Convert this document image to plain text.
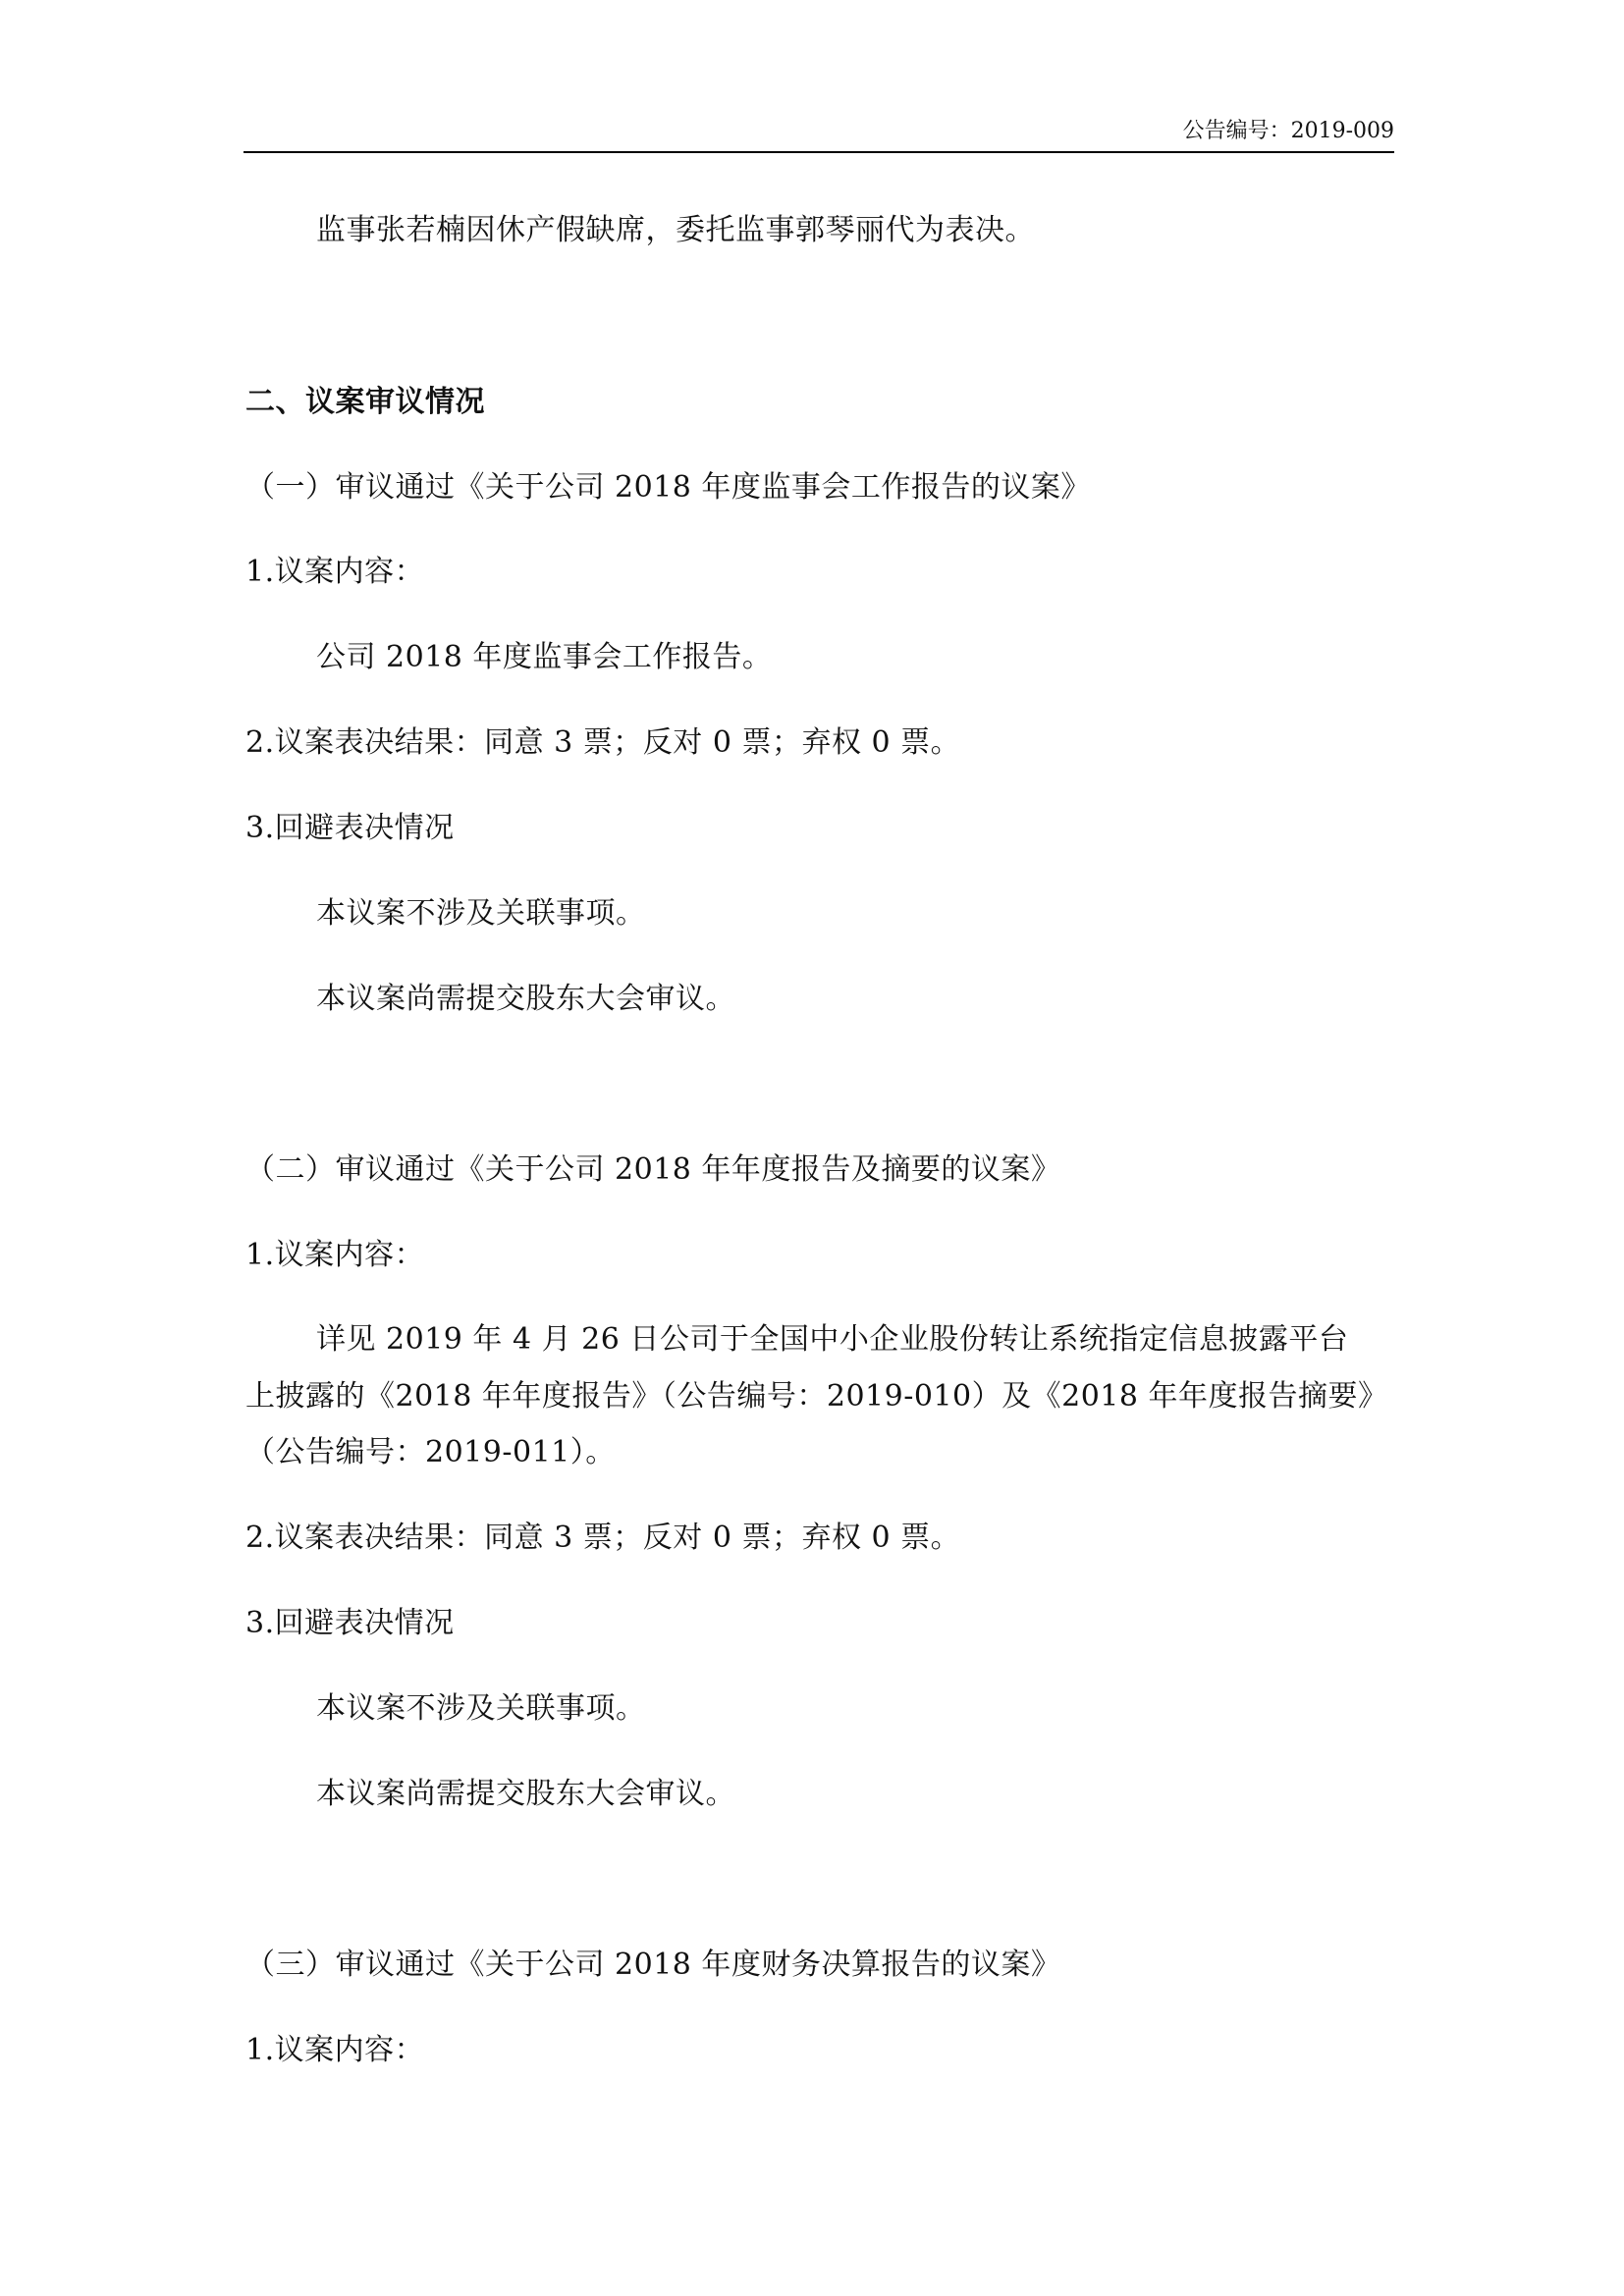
公告编号：2019-009
监事张若楠因休产假缺席，委托监事郭琴丽代为表决。
二、议案审议情况
（一）审议通过《关于公司 2018 年度监事会工作报告的议案》
1.议案内容：
公司 2018 年度监事会工作报告。
2.议案表决结果：同意 3 票；反对 0 票；弃权 0 票。
3.回避表决情况
本议案不涉及关联事项。
本议案尚需提交股东大会审议。
（二）审议通过《关于公司 2018 年年度报告及摘要的议案》
1.议案内容：
详见 2019 年 4 月 26 日公司于全国中小企业股份转让系统指定信息披露平台
上披露的《2018 年年度报告》（公告编号：2019-010）及《2018 年年度报告摘要》
（公告编号：2019-011）。
2.议案表决结果：同意 3 票；反对 0 票；弃权 0 票。
3.回避表决情况
本议案不涉及关联事项。
本议案尚需提交股东大会审议。
（三）审议通过《关于公司 2018 年度财务决算报告的议案》
1.议案内容：
